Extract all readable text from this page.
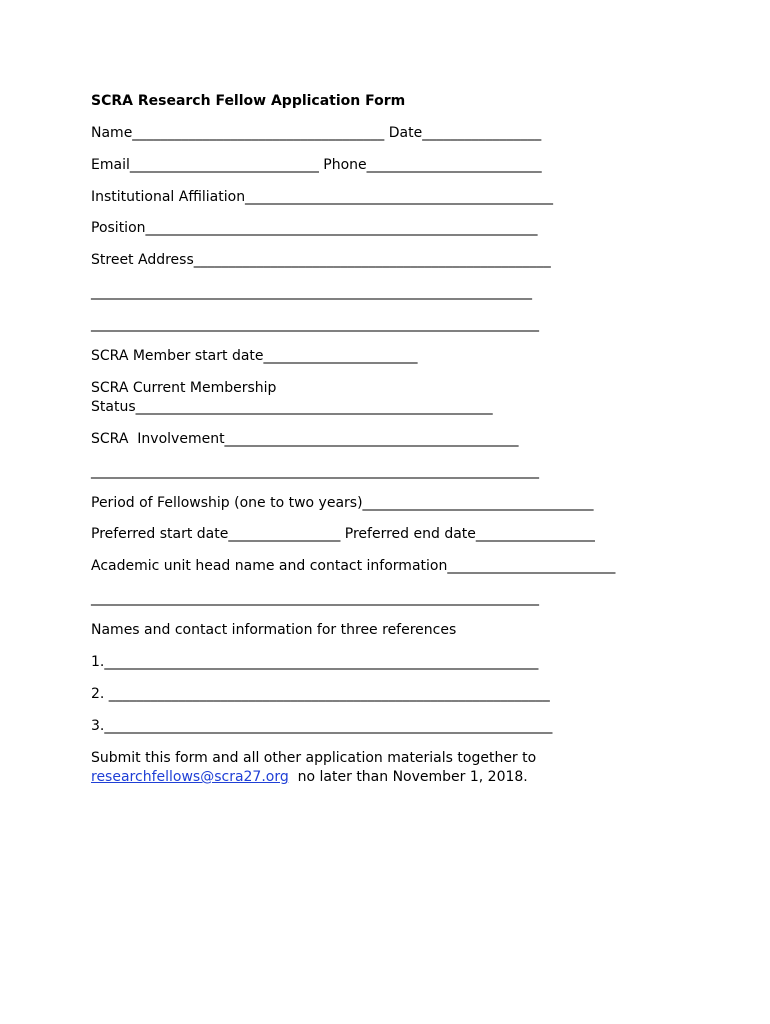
SCRA Research Fellow Application Form
Name____________________________________ Date_________________
Email___________________________ Phone_________________________
Institutional Affiliation____________________________________________
Position________________________________________________________
Street Address___________________________________________________
_______________________________________________________________
________________________________________________________________
SCRA Member start date______________________
SCRA Current Membership
Status___________________________________________________
SCRA  Involvement__________________________________________
________________________________________________________________
Period of Fellowship (one to two years)_________________________________
Preferred start date________________ Preferred end date_________________
Academic unit head name and contact information________________________
________________________________________________________________
Names and contact information for three references
1.______________________________________________________________
2. _______________________________________________________________
3.________________________________________________________________
Submit this form and all other application materials together to
researchfellows@scra27.org  no later than November 1, 2018.
